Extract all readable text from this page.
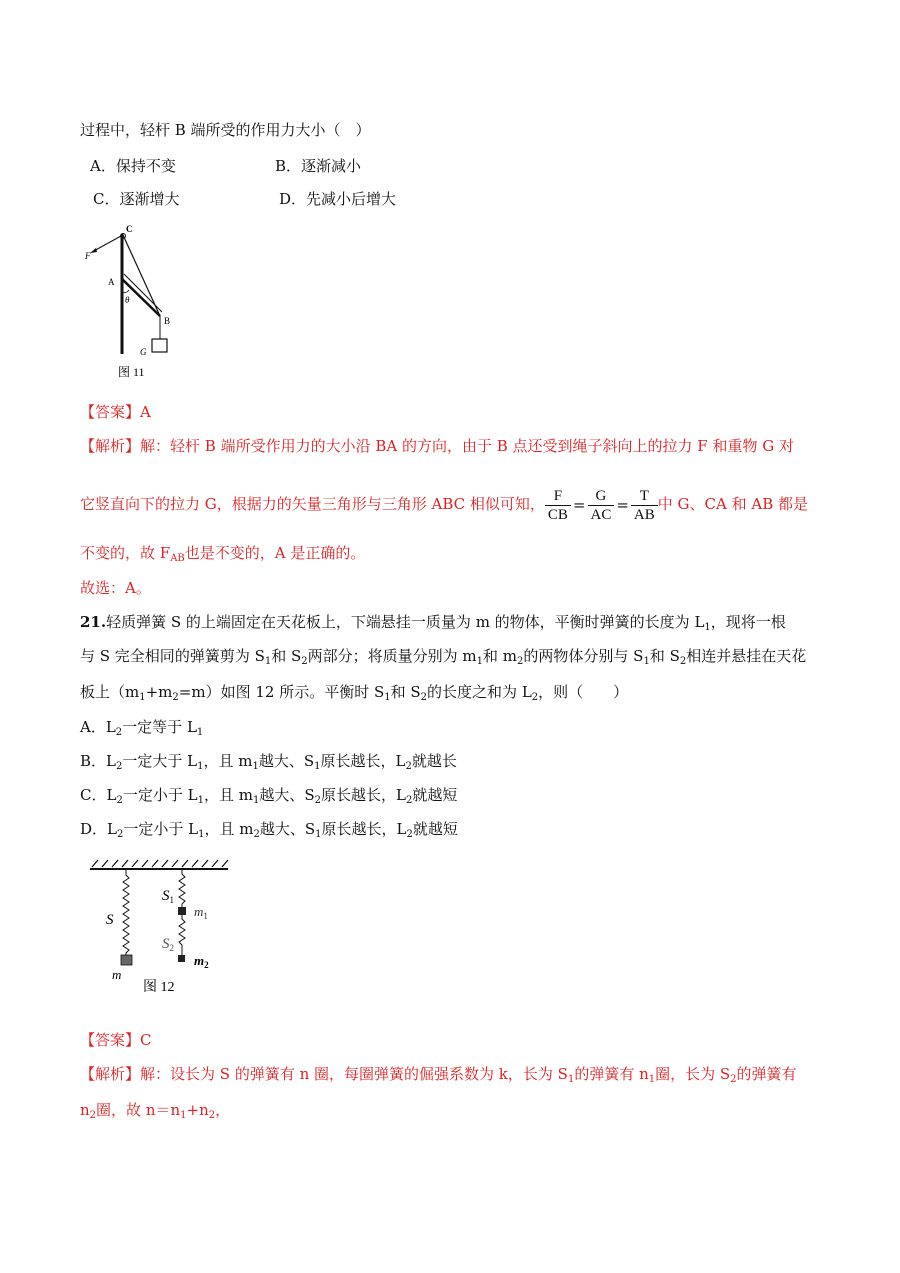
过程中，轻杆 B 端所受的作用力大小（　）
A．保持不变	B．逐渐减小
C．逐渐增大	D．先减小后增大
C
F
A
θ
B
G
图 11
【答案】A
【解析】解：轻杆 B 端所受作用力的大小沿 BA 的方向，由于 B 点还受到绳子斜向上的拉力 F 和重物 G 对
它竖直向下的拉力 G，根据力的矢量三角形与三角形 ABC 相似可知， $\frac{F}{CB} = \frac{G}{AC} = \frac{T}{AB}$ 中 G、CA 和 AB 都是
不变的，故 $F_{AB}$也是不变的，A 是正确的。
故选：A。
21.轻质弹簧 S 的上端固定在天花板上，下端悬挂一质量为 m 的物体，平衡时弹簧的长度为 $L_1$，现将一根
与 S 完全相同的弹簧剪为 $S_1$和 $S_2$两部分；将质量分别为 $m_1$和 $m_2$的两物体分别与 $S_1$和 $S_2$相连并悬挂在天花
板上$(m_1+m_2=m)$如图 12 所示。平衡时 $S_1$和 $S_2$的长度之和为 $L_2$，则（　　）
A．$L_2$一定等于 $L_1$
B．$L_2$一定大于 $L_1$，且 $m_1$越大、$S_1$原长越长，$L_2$就越长
C．$L_2$一定小于 $L_1$，且 $m_1$越大、$S_2$原长越长，$L_2$就越短
D．$L_2$一定小于 $L_1$，且 $m_2$越大、$S_1$原长越长，$L_2$就越短
S
$S_1$
$m_1$
$S_2$
$m_2$
m
图 12
【答案】C
【解析】解：设长为 S 的弹簧有 n 圈，每圈弹簧的倔强系数为 k，长为 $S_1$的弹簧有 $n_1$圈，长为 $S_2$的弹簧有
$n_2$圈，故 $n=n_1+n_2$，
